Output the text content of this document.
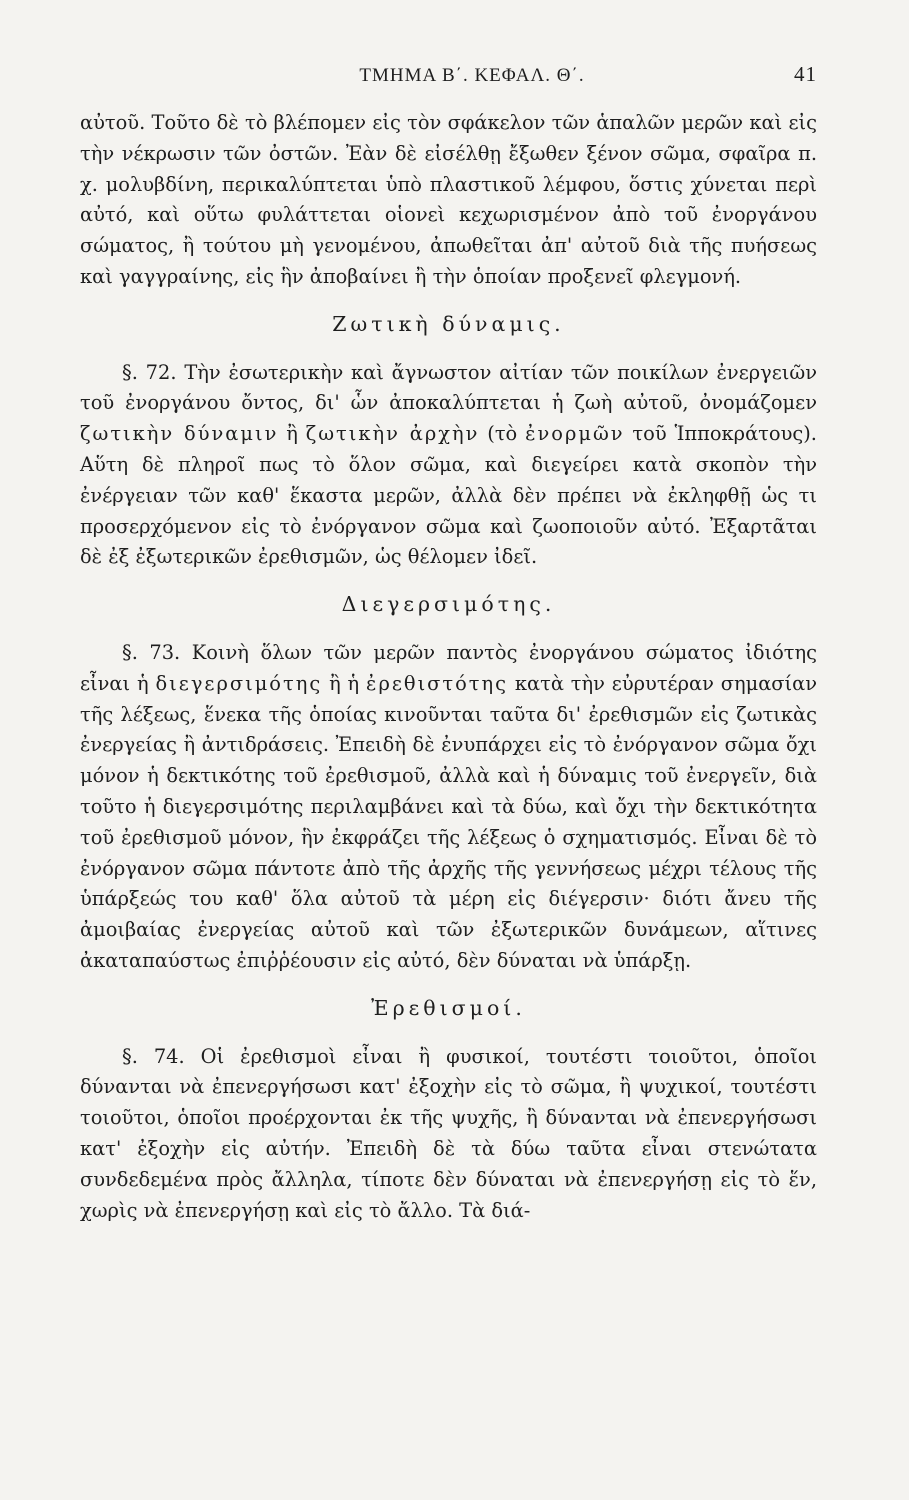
ΤΜΗΜΑ Β΄. ΚΕΦΑΛ. Θ΄.	41

αὐτοῦ. Τοῦτο δὲ τὸ βλέπομεν εἰς τὸν σφάκελον τῶν ἁπαλῶν μερῶν καὶ εἰς τὴν νέκρωσιν τῶν ὀστῶν. Ἐὰν δὲ εἰσέλθῃ ἔξωθεν ξένον σῶμα, σφαῖρα π. χ. μολυβδίνη, περικαλύπτεται ὑπὸ πλαστικοῦ λέμφου, ὅστις χύνεται περὶ αὐτό, καὶ οὕτω φυλάττεται οἱονεὶ κεχωρισμένον ἀπὸ τοῦ ἐνοργάνου σώματος, ἢ τούτου μὴ γενομένου, ἀπωθεῖται ἀπ' αὐτοῦ διὰ τῆς πυήσεως καὶ γαγγραίνης, εἰς ἣν ἀποβαίνει ἢ τὴν ὁποίαν προξενεῖ φλεγμονή.

Ζωτικὴ δύναμις.

§. 72. Τὴν ἐσωτερικὴν καὶ ἄγνωστον αἰτίαν τῶν ποικίλων ἐνεργειῶν τοῦ ἐνοργάνου ὄντος, δι' ὧν ἀποκαλύπτεται ἡ ζωὴ αὐτοῦ, ὀνομάζομεν ζωτικὴν δύναμιν ἢ ζωτικὴν ἀρχὴν (τὸ ἐνορμῶν τοῦ Ἱπποκράτους). Αὕτη δὲ πληροῖ πως τὸ ὅλον σῶμα, καὶ διεγείρει κατὰ σκοπὸν τὴν ἐνέργειαν τῶν καθ' ἕκαστα μερῶν, ἀλλὰ δὲν πρέπει νὰ ἐκληφθῇ ὡς τι προσερχόμενον εἰς τὸ ἐνόργανον σῶμα καὶ ζωοποιοῦν αὐτό. Ἐξαρτᾶται δὲ ἐξ ἐξωτερικῶν ἐρεθισμῶν, ὡς θέλομεν ἰδεῖ.

Διεγερσιμότης.

§. 73. Κοινὴ ὅλων τῶν μερῶν παντὸς ἐνοργάνου σώματος ἰδιότης εἶναι ἡ διεγερσιμότης ἢ ἡ ἐρεθιστότης κατὰ τὴν εὐρυτέραν σημασίαν τῆς λέξεως, ἕνεκα τῆς ὁποίας κινοῦνται ταῦτα δι' ἐρεθισμῶν εἰς ζωτικὰς ἐνεργείας ἢ ἀντιδράσεις. Ἐπειδὴ δὲ ἐνυπάρχει εἰς τὸ ἐνόργανον σῶμα ὄχι μόνον ἡ δεκτικότης τοῦ ἐρεθισμοῦ, ἀλλὰ καὶ ἡ δύναμις τοῦ ἐνεργεῖν, διὰ τοῦτο ἡ διεγερσιμότης περιλαμβάνει καὶ τὰ δύω, καὶ ὄχι τὴν δεκτικότητα τοῦ ἐρεθισμοῦ μόνον, ἣν ἐκφράζει τῆς λέξεως ὁ σχηματισμός. Εἶναι δὲ τὸ ἐνόργανον σῶμα πάντοτε ἀπὸ τῆς ἀρχῆς τῆς γεννήσεως μέχρι τέλους τῆς ὑπάρξεώς του καθ' ὅλα αὐτοῦ τὰ μέρη εἰς διέγερσιν· διότι ἄνευ τῆς ἀμοιβαίας ἐνεργείας αὐτοῦ καὶ τῶν ἐξωτερικῶν δυνάμεων, αἵτινες ἀκαταπαύστως ἐπιῤῥέουσιν εἰς αὐτό, δὲν δύναται νὰ ὑπάρξῃ.

Ἐρεθισμοί.

§. 74. Οἱ ἐρεθισμοὶ εἶναι ἢ φυσικοί, τουτέστι τοιοῦτοι, ὁποῖοι δύνανται νὰ ἐπενεργήσωσι κατ' ἐξοχὴν εἰς τὸ σῶμα, ἢ ψυχικοί, τουτέστι τοιοῦτοι, ὁποῖοι προέρχονται ἐκ τῆς ψυχῆς, ἢ δύνανται νὰ ἐπενεργήσωσι κατ' ἐξοχὴν εἰς αὐτήν. Ἐπειδὴ δὲ τὰ δύω ταῦτα εἶναι στενώτατα συνδεδεμένα πρὸς ἄλληλα, τίποτε δὲν δύναται νὰ ἐπενεργήσῃ εἰς τὸ ἕν, χωρὶς νὰ ἐπενεργήσῃ καὶ εἰς τὸ ἄλλο. Τὰ διά-
